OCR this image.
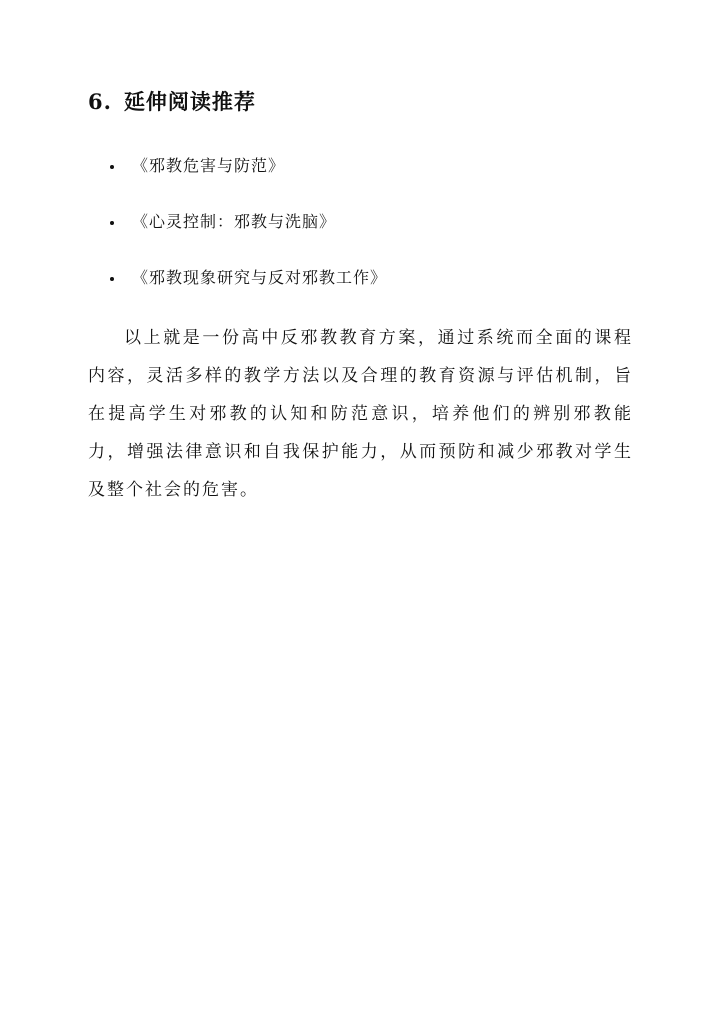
6. 延伸阅读推荐
《邪教危害与防范》
《心灵控制：邪教与洗脑》
《邪教现象研究与反对邪教工作》

以上就是一份高中反邪教教育方案，通过系统而全面的课程内容，灵活多样的教学方法以及合理的教育资源与评估机制，旨在提高学生对邪教的认知和防范意识，培养他们的辨别邪教能力，增强法律意识和自我保护能力，从而预防和减少邪教对学生及整个社会的危害。
